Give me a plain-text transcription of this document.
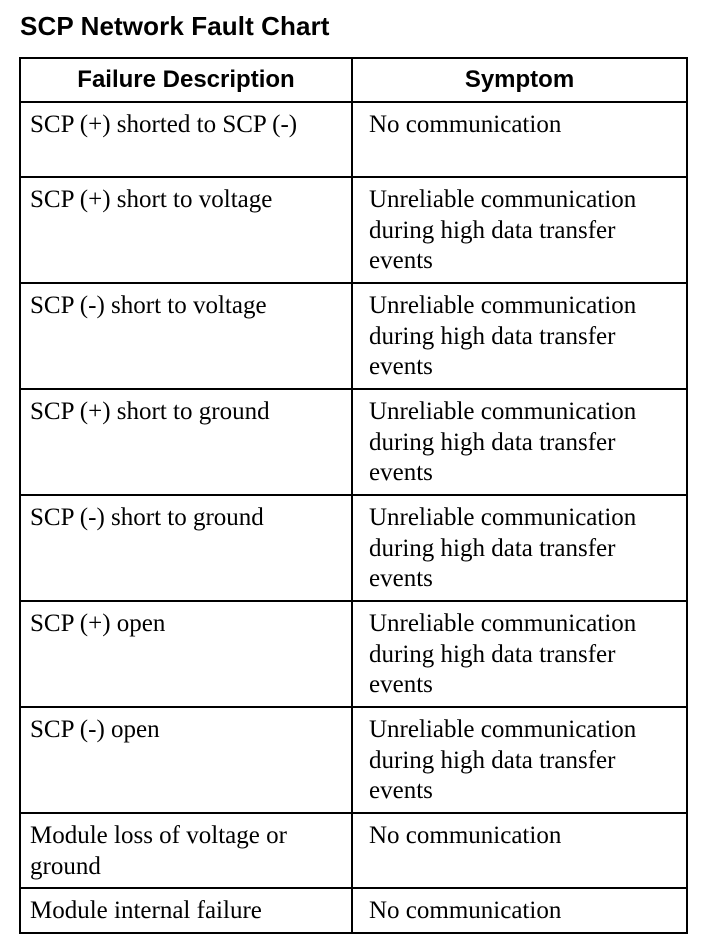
SCP Network Fault Chart
Failure Description	Symptom
SCP (+) shorted to SCP (-)	No communication
SCP (+) short to voltage	Unreliable communication during high data transfer events
SCP (-) short to voltage	Unreliable communication during high data transfer events
SCP (+) short to ground	Unreliable communication during high data transfer events
SCP (-) short to ground	Unreliable communication during high data transfer events
SCP (+) open	Unreliable communication during high data transfer events
SCP (-) open	Unreliable communication during high data transfer events
Module loss of voltage or ground	No communication
Module internal failure	No communication
